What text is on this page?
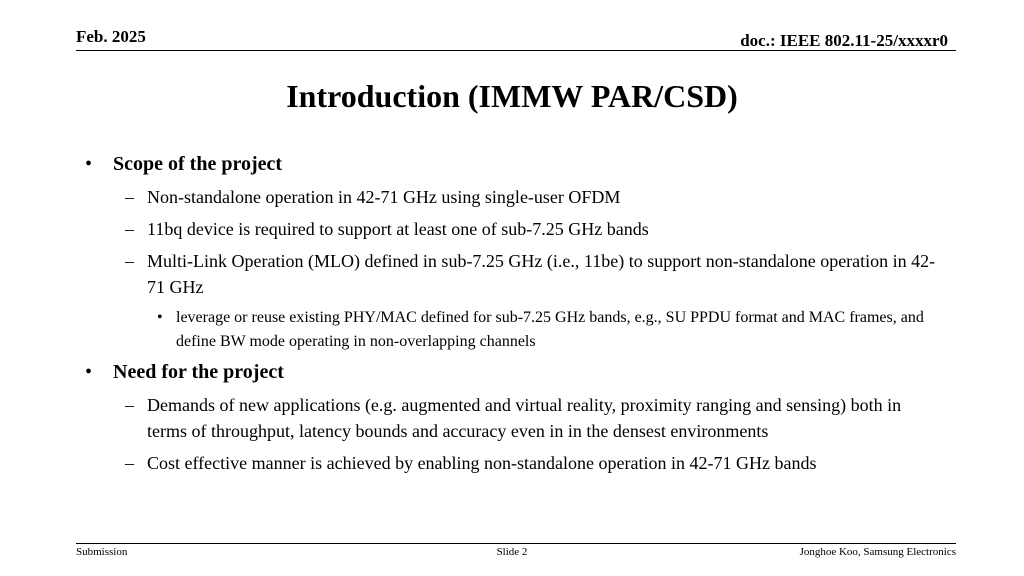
Feb. 2025	doc.: IEEE 802.11-25/xxxxr0
Introduction (IMMW PAR/CSD)
• Scope of the project
– Non-standalone operation in 42-71 GHz using single-user OFDM
– 11bq device is required to support at least one of sub-7.25 GHz bands
– Multi-Link Operation (MLO) defined in sub-7.25 GHz (i.e., 11be) to support non-standalone operation in 42-71 GHz
• leverage or reuse existing PHY/MAC defined for sub-7.25 GHz bands, e.g., SU PPDU format and MAC frames, and define BW mode operating in non-overlapping channels
• Need for the project
– Demands of new applications (e.g. augmented and virtual reality, proximity ranging and sensing) both in terms of throughput, latency bounds and accuracy even in in the densest environments
– Cost effective manner is achieved by enabling non-standalone operation in 42-71 GHz bands
Submission	Slide 2	Jonghoe Koo, Samsung Electronics
